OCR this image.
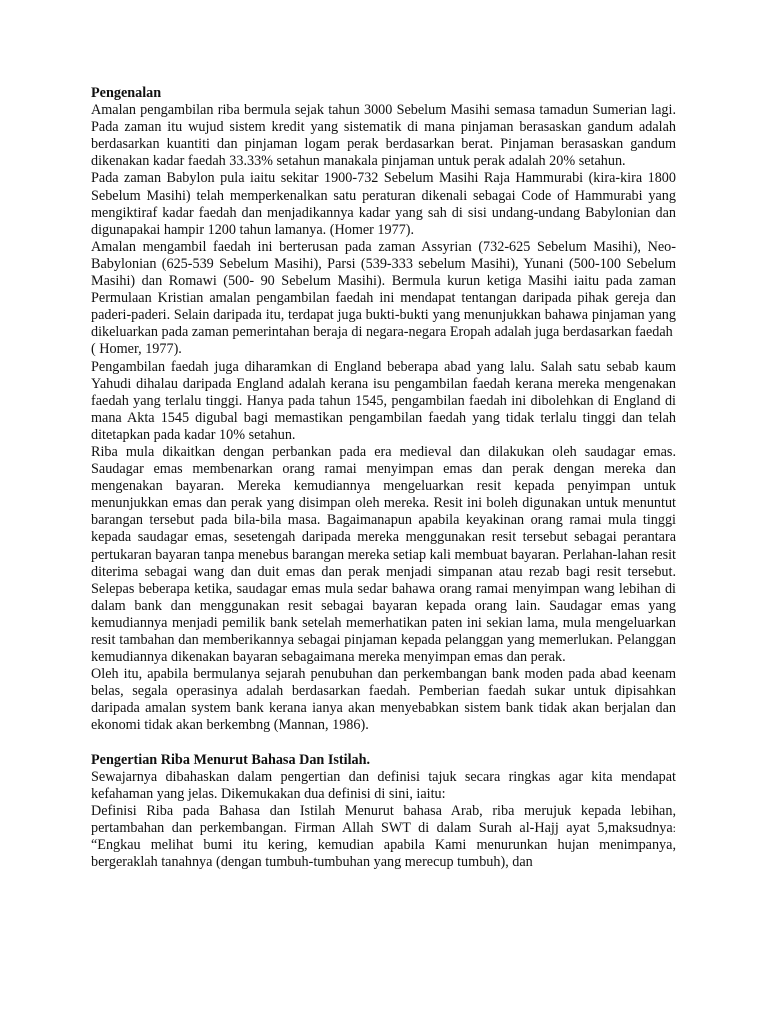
Pengenalan

Amalan pengambilan riba bermula sejak tahun 3000 Sebelum Masihi semasa tamadun Sumerian lagi. Pada zaman itu wujud sistem kredit yang sistematik di mana pinjaman berasaskan gandum adalah berdasarkan kuantiti dan pinjaman logam perak berdasarkan berat. Pinjaman berasaskan gandum dikenakan kadar faedah 33.33% setahun manakala pinjaman untuk perak adalah 20% setahun.

Pada zaman Babylon pula iaitu sekitar 1900-732 Sebelum Masihi Raja Hammurabi (kira-kira 1800 Sebelum Masihi) telah memperkenalkan satu peraturan dikenali sebagai Code of Hammurabi yang mengiktiraf kadar faedah dan menjadikannya kadar yang sah di sisi undang-undang Babylonian dan digunapakai hampir 1200 tahun lamanya. (Homer 1977).

Amalan mengambil faedah ini berterusan pada zaman Assyrian (732-625 Sebelum Masihi), Neo-Babylonian (625-539 Sebelum Masihi), Parsi (539-333 sebelum Masihi), Yunani (500-100 Sebelum Masihi) dan Romawi (500- 90 Sebelum Masihi). Bermula kurun ketiga Masihi iaitu pada zaman Permulaan Kristian amalan pengambilan faedah ini mendapat tentangan daripada pihak gereja dan paderi-paderi. Selain daripada itu, terdapat juga bukti-bukti yang menunjukkan bahawa pinjaman yang dikeluarkan pada zaman pemerintahan beraja di negara-negara Eropah adalah juga berdasarkan faedah

( Homer, 1977).

Pengambilan faedah juga diharamkan di England beberapa abad yang lalu. Salah satu sebab kaum Yahudi dihalau daripada England adalah kerana isu pengambilan faedah kerana mereka mengenakan faedah yang terlalu tinggi. Hanya pada tahun 1545, pengambilan faedah ini dibolehkan di England di mana Akta 1545 digubal bagi memastikan pengambilan faedah yang tidak terlalu tinggi dan telah ditetapkan pada kadar 10% setahun.

Riba mula dikaitkan dengan perbankan pada era medieval dan dilakukan oleh saudagar emas. Saudagar emas membenarkan orang ramai menyimpan emas dan perak dengan mereka dan mengenakan bayaran. Mereka kemudiannya mengeluarkan resit kepada penyimpan untuk menunjukkan emas dan perak yang disimpan oleh mereka. Resit ini boleh digunakan untuk menuntut barangan tersebut pada bila-bila masa. Bagaimanapun apabila keyakinan orang ramai mula tinggi kepada saudagar emas, sesetengah daripada mereka menggunakan resit tersebut sebagai perantara pertukaran bayaran tanpa menebus barangan mereka setiap kali membuat bayaran. Perlahan-lahan resit diterima sebagai wang dan duit emas dan perak menjadi simpanan atau rezab bagi resit tersebut. Selepas beberapa ketika, saudagar emas mula sedar bahawa orang ramai menyimpan wang lebihan di dalam bank dan menggunakan resit sebagai bayaran kepada orang lain. Saudagar emas yang kemudiannya menjadi pemilik bank setelah memerhatikan paten ini sekian lama, mula mengeluarkan resit tambahan dan memberikannya sebagai pinjaman kepada pelanggan yang memerlukan. Pelanggan kemudiannya dikenakan bayaran sebagaimana mereka menyimpan emas dan perak.

Oleh itu, apabila bermulanya sejarah penubuhan dan perkembangan bank moden pada abad keenam belas, segala operasinya adalah berdasarkan faedah. Pemberian faedah sukar untuk dipisahkan daripada amalan system bank kerana ianya akan menyebabkan sistem bank tidak akan berjalan dan ekonomi tidak akan berkembng (Mannan, 1986).

Pengertian Riba Menurut Bahasa Dan Istilah.

Sewajarnya dibahaskan dalam pengertian dan definisi tajuk secara ringkas agar kita mendapat kefahaman yang jelas. Dikemukakan dua definisi di sini, iaitu:

Definisi Riba pada Bahasa dan Istilah Menurut bahasa Arab, riba merujuk kepada lebihan, pertambahan dan perkembangan. Firman Allah SWT di dalam Surah al-Hajj ayat 5,maksudnya: “Engkau melihat bumi itu kering, kemudian apabila Kami menurunkan hujan menimpanya, bergeraklah tanahnya (dengan tumbuh-tumbuhan yang merecup tumbuh), dan
